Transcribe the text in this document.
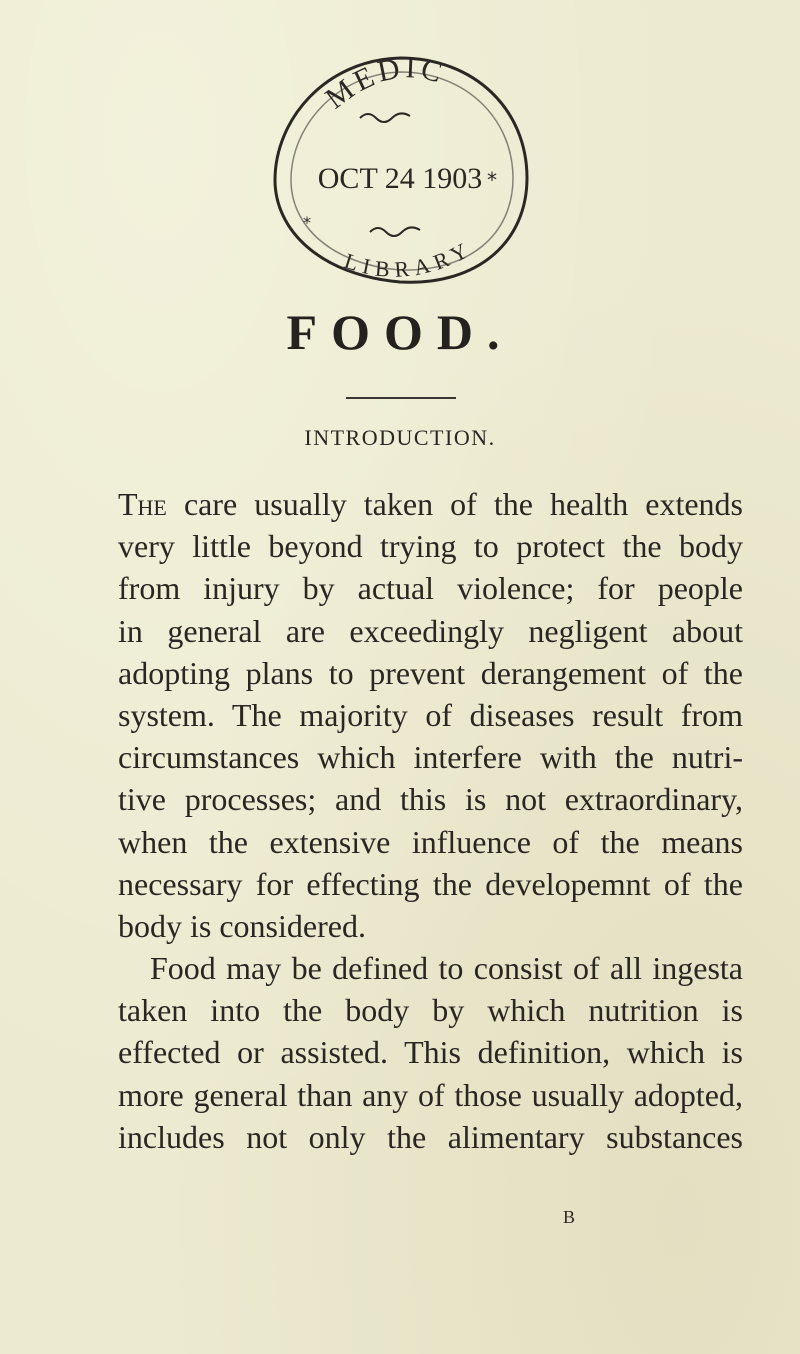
*
*
MEDIC
OCT 24 1903
LIBRARY
FOOD.
INTRODUCTION.
The care usually taken of the health extends
very little beyond trying to protect the body
from injury by actual violence; for people
in general are exceedingly negligent about
adopting plans to prevent derangement of the
system. The majority of diseases result from
circumstances which interfere with the nutri-
tive processes; and this is not extraordinary,
when the extensive influence of the means
necessary for effecting the developemnt of the
body is considered.
Food may be defined to consist of all ingesta
taken into the body by which nutrition is
effected or assisted. This definition, which is
more general than any of those usually adopted,
includes not only the alimentary substances
B
